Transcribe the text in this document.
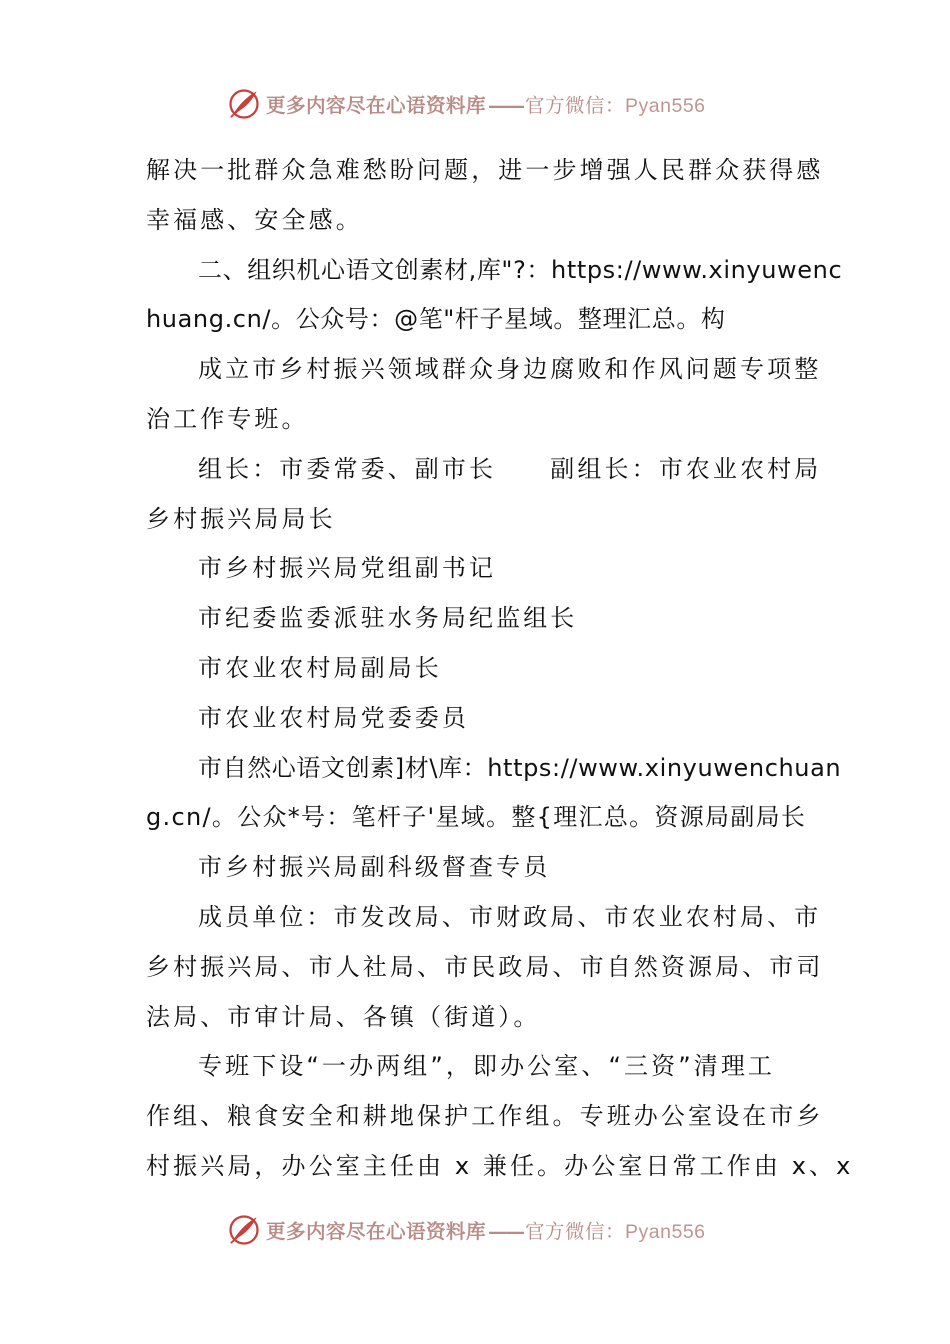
更多内容尽在心语资料库 —— 官方微信：Pyan556
解决一批群众急难愁盼问题，进一步增强人民群众获得感
幸福感、安全感。
二、组织机心语文创素材,库"?：https://www.xinyuwenc
huang.cn/。公众号：@笔"杆子星域。整理汇总。构
成立市乡村振兴领域群众身边腐败和作风问题专项整
治工作专班。
组长：市委常委、副市长　　副组长：市农业农村局
乡村振兴局局长
市乡村振兴局党组副书记
市纪委监委派驻水务局纪监组长
市农业农村局副局长
市农业农村局党委委员
市自然心语文创素]材\库：https://www.xinyuwenchuan
g.cn/。公众*号：笔杆子'星域。整{理汇总。资源局副局长
市乡村振兴局副科级督查专员
成员单位：市发改局、市财政局、市农业农村局、市
乡村振兴局、市人社局、市民政局、市自然资源局、市司
法局、市审计局、各镇（街道）。
专班下设“一办两组”，即办公室、“三资”清理工
作组、粮食安全和耕地保护工作组。专班办公室设在市乡
村振兴局，办公室主任由 x 兼任。办公室日常工作由 x、x
更多内容尽在心语资料库 —— 官方微信：Pyan556
